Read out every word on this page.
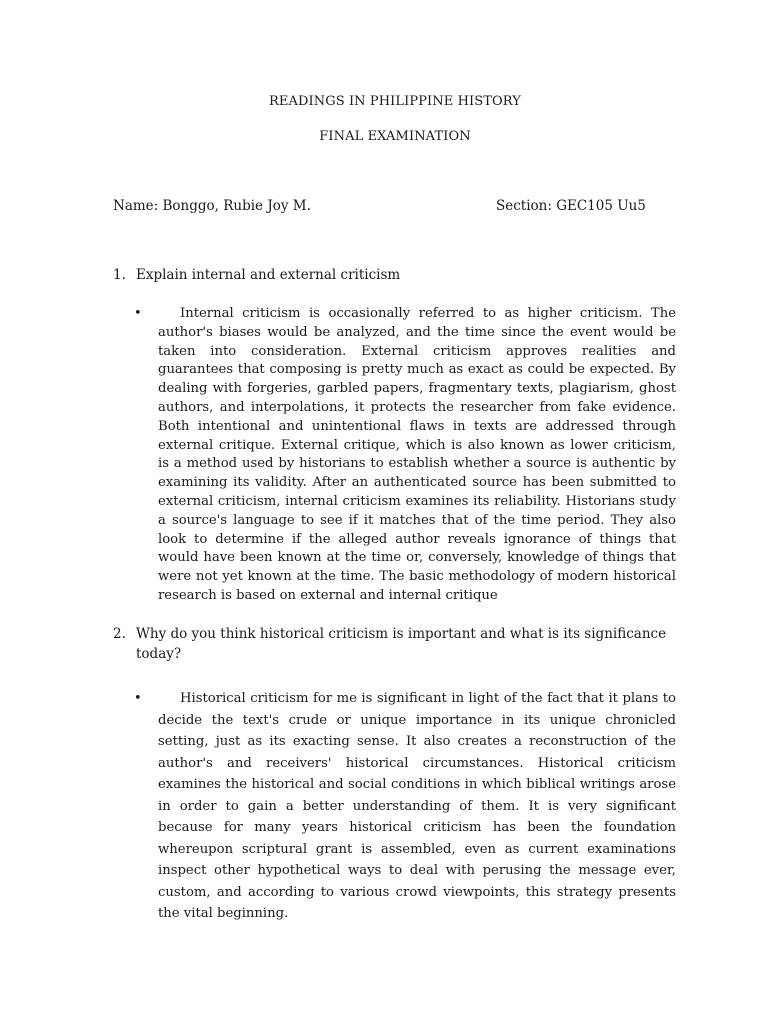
READINGS IN PHILIPPINE HISTORY
FINAL EXAMINATION
Name: Bonggo, Rubie Joy M.	Section: GEC105 Uu5
1. Explain internal and external criticism
•	Internal criticism is occasionally referred to as higher criticism. The author's biases would be analyzed, and the time since the event would be taken into consideration. External criticism approves realities and guarantees that composing is pretty much as exact as could be expected. By dealing with forgeries, garbled papers, fragmentary texts, plagiarism, ghost authors, and interpolations, it protects the researcher from fake evidence. Both intentional and unintentional flaws in texts are addressed through external critique. External critique, which is also known as lower criticism, is a method used by historians to establish whether a source is authentic by examining its validity. After an authenticated source has been submitted to external criticism, internal criticism examines its reliability. Historians study a source's language to see if it matches that of the time period. They also look to determine if the alleged author reveals ignorance of things that would have been known at the time or, conversely, knowledge of things that were not yet known at the time. The basic methodology of modern historical research is based on external and internal critique

2. Why do you think historical criticism is important and what is its significance today?
•	Historical criticism for me is significant in light of the fact that it plans to decide the text's crude or unique importance in its unique chronicled setting, just as its exacting sense. It also creates a reconstruction of the author's and receivers' historical circumstances. Historical criticism examines the historical and social conditions in which biblical writings arose in order to gain a better understanding of them. It is very significant because for many years historical criticism has been the foundation whereupon scriptural grant is assembled, even as current examinations inspect other hypothetical ways to deal with perusing the message ever, custom, and according to various crowd viewpoints, this strategy presents the vital beginning.
